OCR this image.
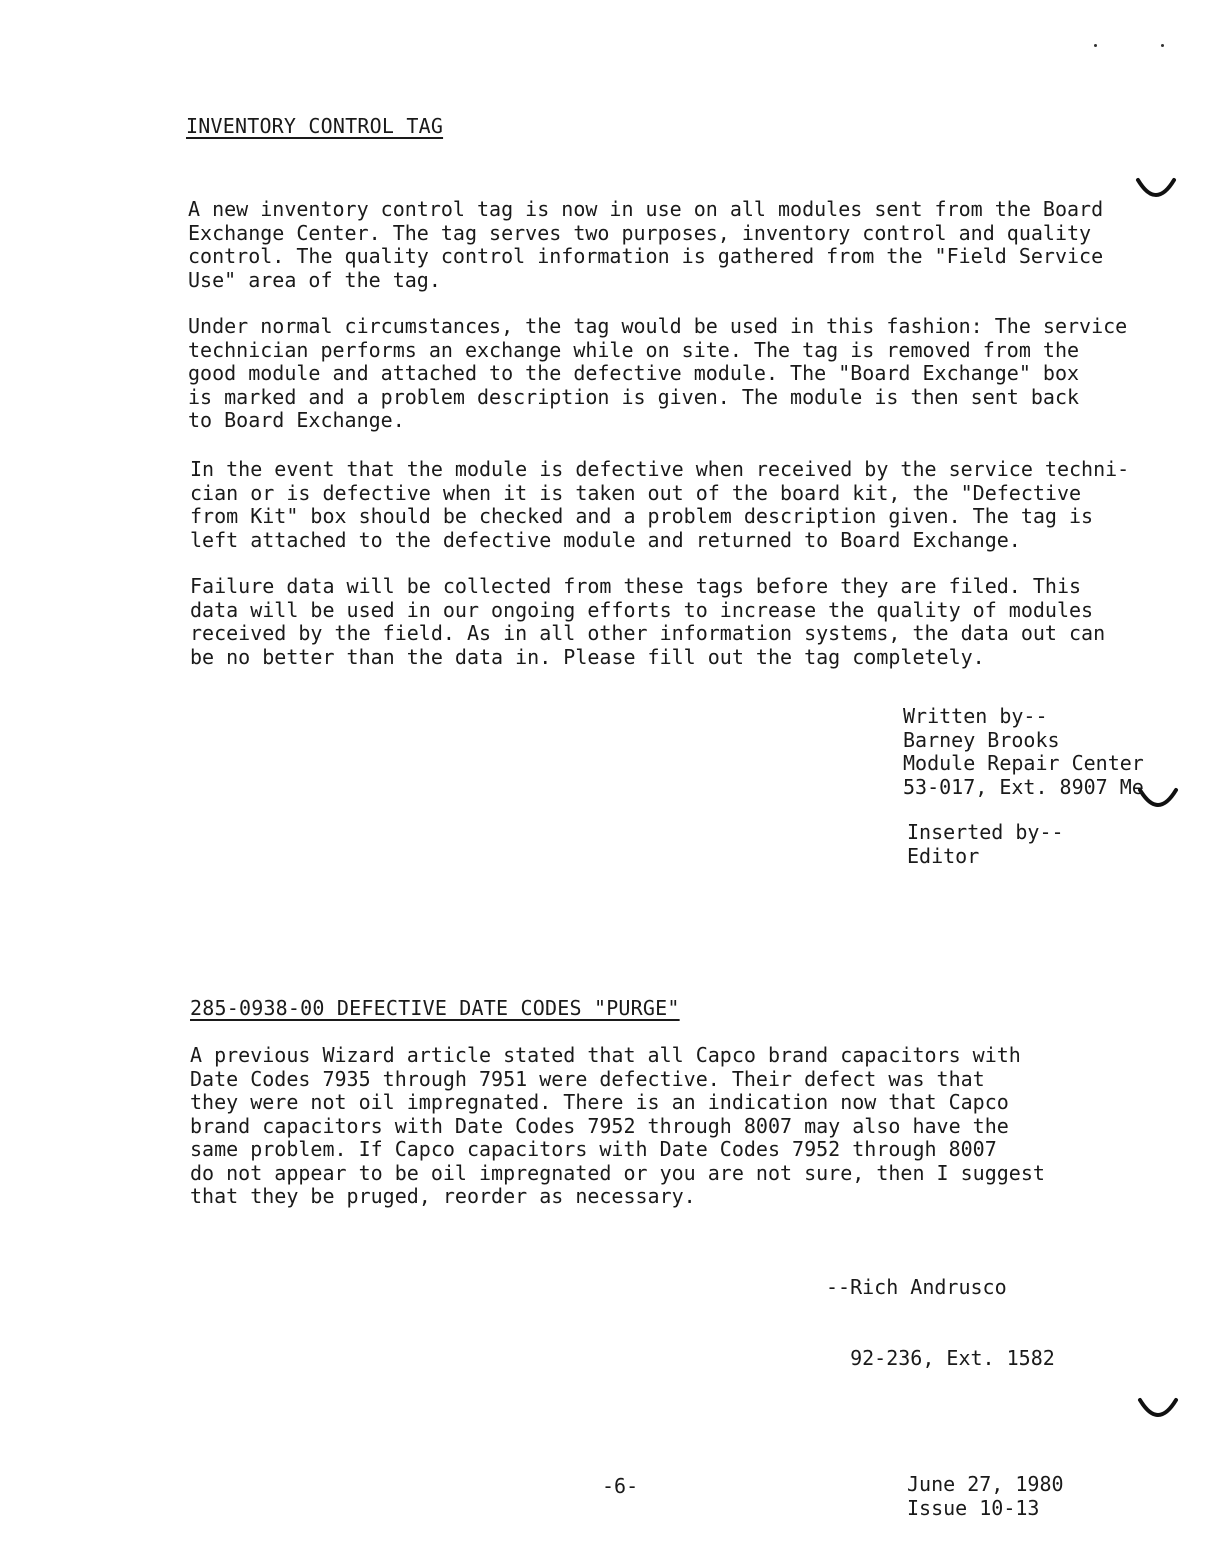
INVENTORY CONTROL TAG

A new inventory control tag is now in use on all modules sent from the Board
Exchange Center. The tag serves two purposes, inventory control and quality
control. The quality control information is gathered from the "Field Service
Use" area of the tag.

Under normal circumstances, the tag would be used in this fashion: The service
technician performs an exchange while on site. The tag is removed from the
good module and attached to the defective module. The "Board Exchange" box
is marked and a problem description is given. The module is then sent back
to Board Exchange.

In the event that the module is defective when received by the service techni-
cian or is defective when it is taken out of the board kit, the "Defective
from Kit" box should be checked and a problem description given. The tag is
left attached to the defective module and returned to Board Exchange.

Failure data will be collected from these tags before they are filed. This
data will be used in our ongoing efforts to increase the quality of modules
received by the field. As in all other information systems, the data out can
be no better than the data in. Please fill out the tag completely.

Written by--
Barney Brooks
Module Repair Center
53-017, Ext. 8907 Me
Inserted by--
Editor
285-0938-00 DEFECTIVE DATE CODES "PURGE"

A previous Wizard article stated that all Capco brand capacitors with
Date Codes 7935 through 7951 were defective. Their defect was that
they were not oil impregnated. There is an indication now that Capco
brand capacitors with Date Codes 7952 through 8007 may also have the
same problem. If Capco capacitors with Date Codes 7952 through 8007
do not appear to be oil impregnated or you are not sure, then I suggest
that they be pruged, reorder as necessary.

--Rich Andrusco

92-236, Ext. 1582

-6-	June 27, 1980
Issue 10-13
